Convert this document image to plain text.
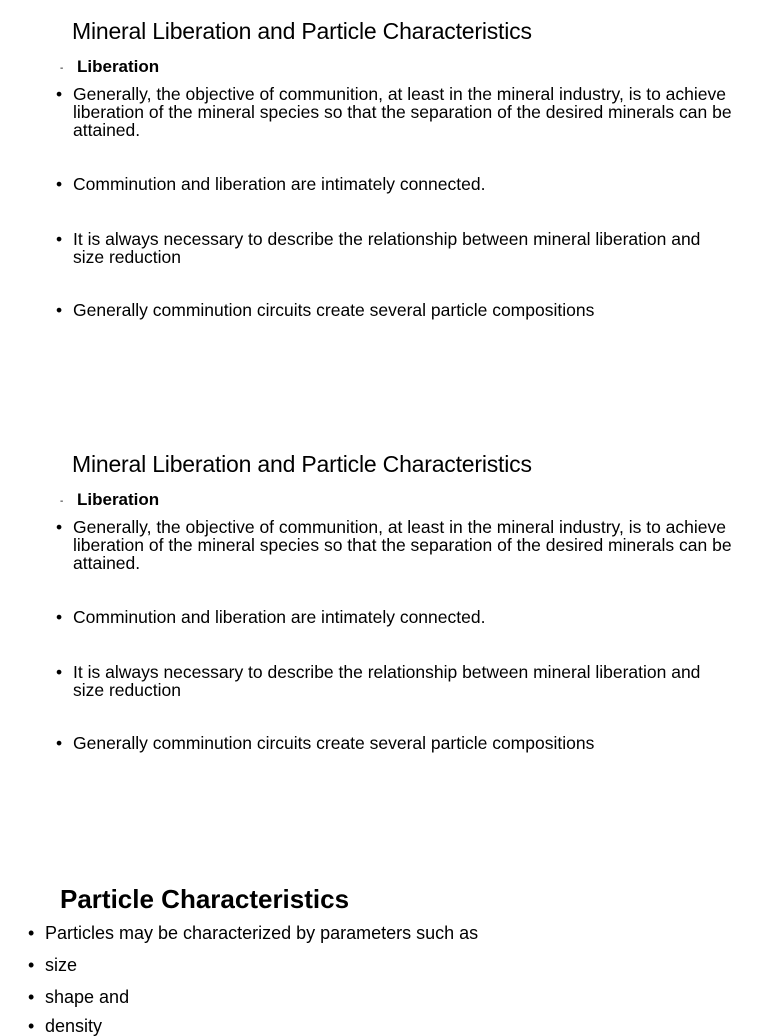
Mineral Liberation and Particle Characteristics
- Liberation
• Generally, the objective of communition, at least in the mineral industry, is to achieve liberation of the mineral species so that the separation of the desired minerals can be attained.
• Comminution and liberation are intimately connected.
• It is always necessary to describe the relationship between mineral liberation and size reduction
• Generally comminution circuits create several particle compositions
Mineral Liberation and Particle Characteristics
- Liberation
• Generally, the objective of communition, at least in the mineral industry, is to achieve liberation of the mineral species so that the separation of the desired minerals can be attained.
• Comminution and liberation are intimately connected.
• It is always necessary to describe the relationship between mineral liberation and size reduction
• Generally comminution circuits create several particle compositions
Particle Characteristics
• Particles may be characterized by parameters such as
• size
• shape and
• density
